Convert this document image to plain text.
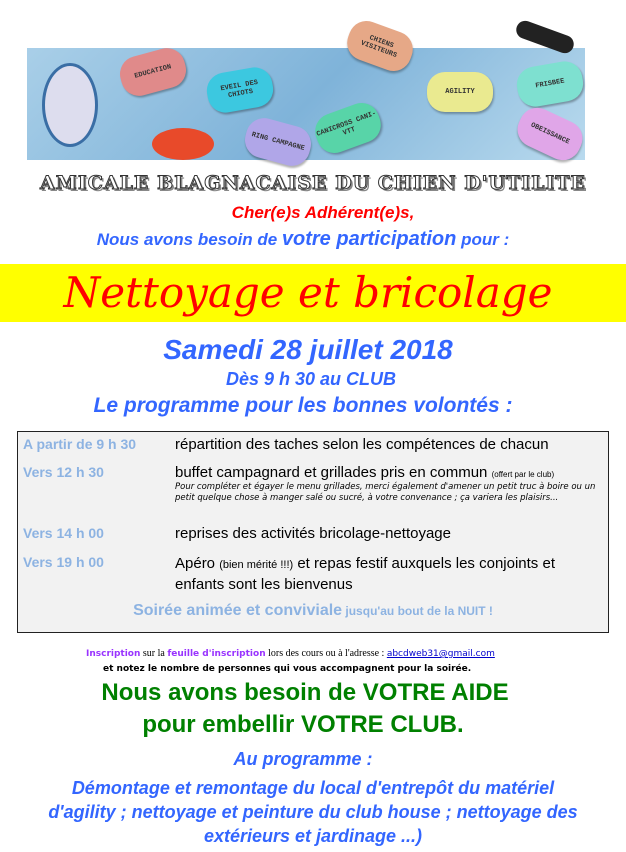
EDUCATION
EVEIL DES CHIOTS
RING CAMPAGNE
CHIENS VISITEURS
CANICROSS CANI-VTT
AGILITY
FRISBEE
OBEISSANCE
AMICALE BLAGNACAISE DU CHIEN D'UTILITE
Cher(e)s Adhérent(e)s,
Nous avons besoin de votre participation pour :
Nettoyage et bricolage
Samedi 28 juillet 2018
Dès 9 h 30 au CLUB
Le programme pour les bonnes volontés :
A partir de 9 h 30	répartition des taches selon les compétences de chacun
Vers 12 h 30	buffet campagnard et grillades pris en commun (offert par le club)
Pour compléter et égayer le menu grillades, merci également d'amener un petit truc à boire ou un petit quelque chose à manger salé ou sucré, à votre convenance ; ça variera les plaisirs...
Vers 14 h 00	reprises des activités bricolage-nettoyage
Vers 19 h 00	Apéro (bien mérité !!!) et repas festif auxquels les conjoints et enfants sont les bienvenus
Soirée animée et conviviale jusqu'au bout de la NUIT !
Inscription sur la feuille d'inscription lors des cours ou à l'adresse : abcdweb31@gmail.com
et notez le nombre de personnes qui vous accompagnent pour la soirée.
Nous avons besoin de VOTRE AIDE
pour embellir VOTRE CLUB.
Au programme :
Démontage et remontage du local d'entrepôt du matériel d'agility ; nettoyage et peinture du club house ; nettoyage des extérieurs et jardinage ...)
